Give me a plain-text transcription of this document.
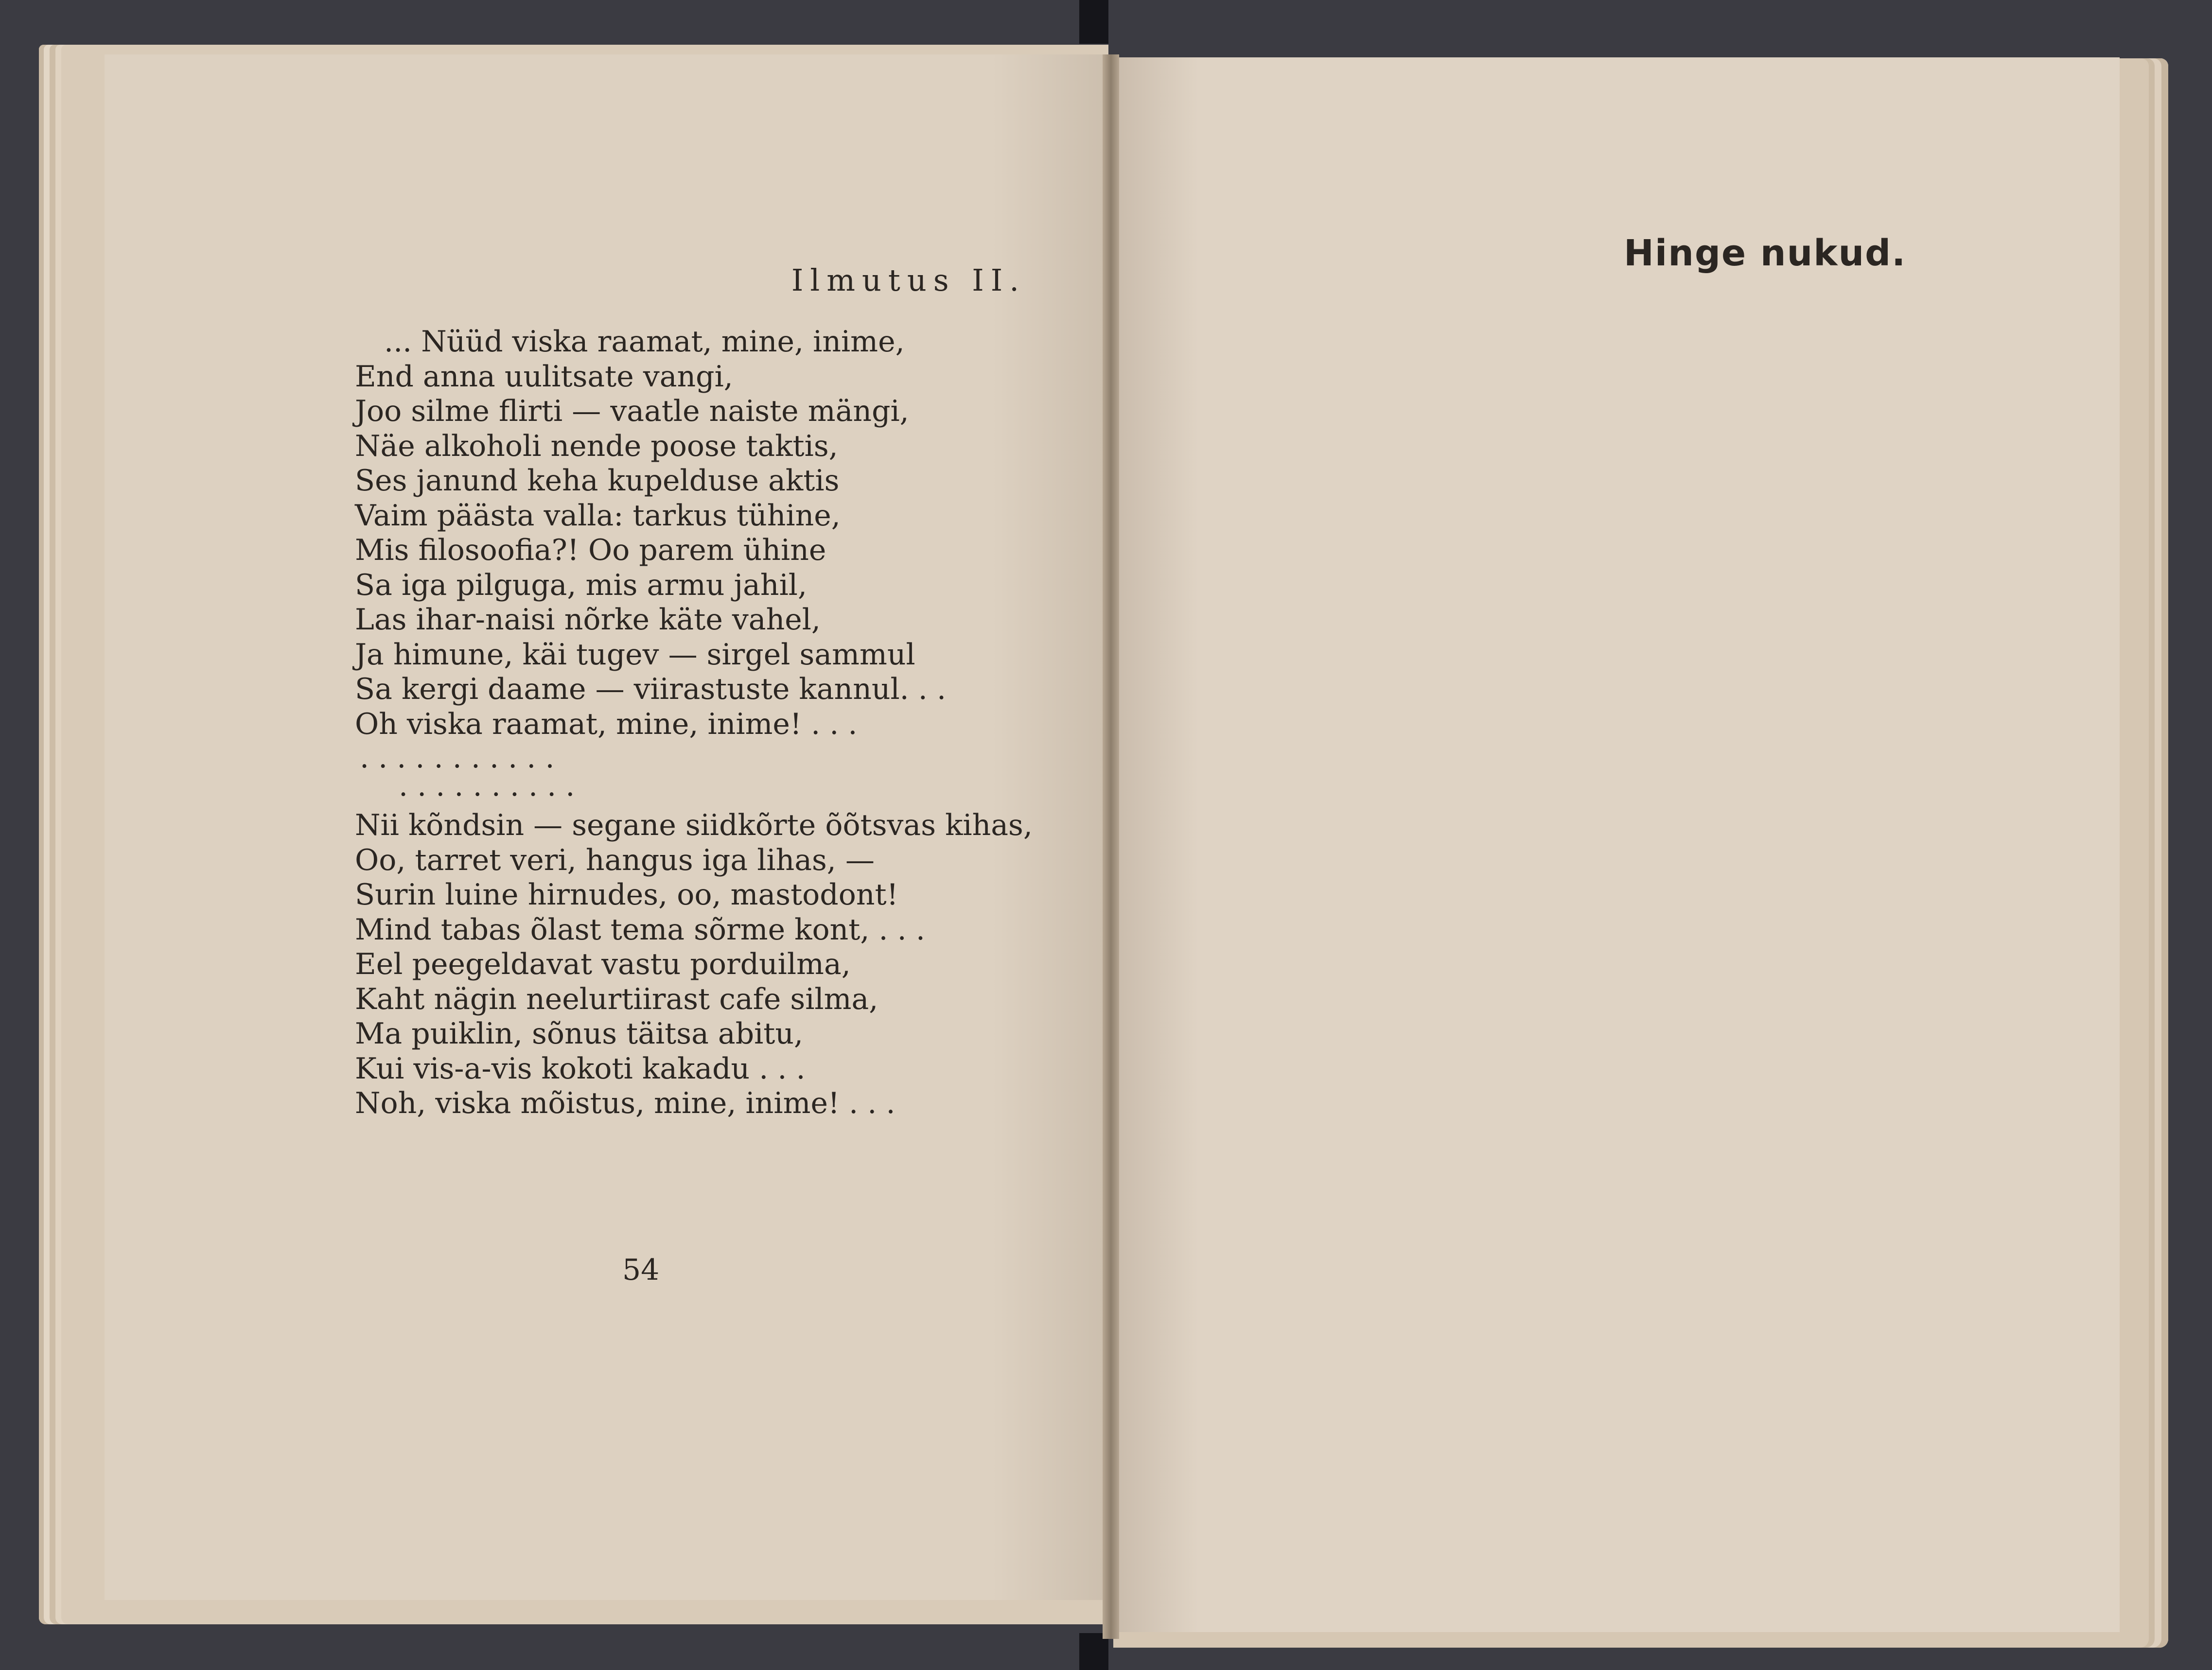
Ilmutus II.
... Nüüd viska raamat, mine, inime,
End anna uulitsate vangi,
Joo silme flirti — vaatle naiste mängi,
Näe alkoholi nende poose taktis,
Ses janund keha kupelduse aktis
Vaim päästa valla: tarkus tühine,
Mis filosoofia?! Oo parem ühine
Sa iga pilguga, mis armu jahil,
Las ihar-naisi nõrke käte vahel,
Ja himune, käi tugev — sirgel sammul
Sa kergi daame — viirastuste kannul. . .
Oh viska raamat, mine, inime! . . .
. . . . . . . . . . .
. . . . . . . . . .
Nii kõndsin — segane siidkõrte õõtsvas kihas,
Oo, tarret veri, hangus iga lihas, —
Surin luine hirnudes, oo, mastodont!
Mind tabas õlast tema sõrme kont, . . .
Eel peegeldavat vastu porduilma,
Kaht nägin neelurtiirast cafe silma,
Ma puiklin, sõnus täitsa abitu,
Kui vis-a-vis kokoti kakadu . . .
Noh, viska mõistus, mine, inime! . . .

54

Hinge nukud.
